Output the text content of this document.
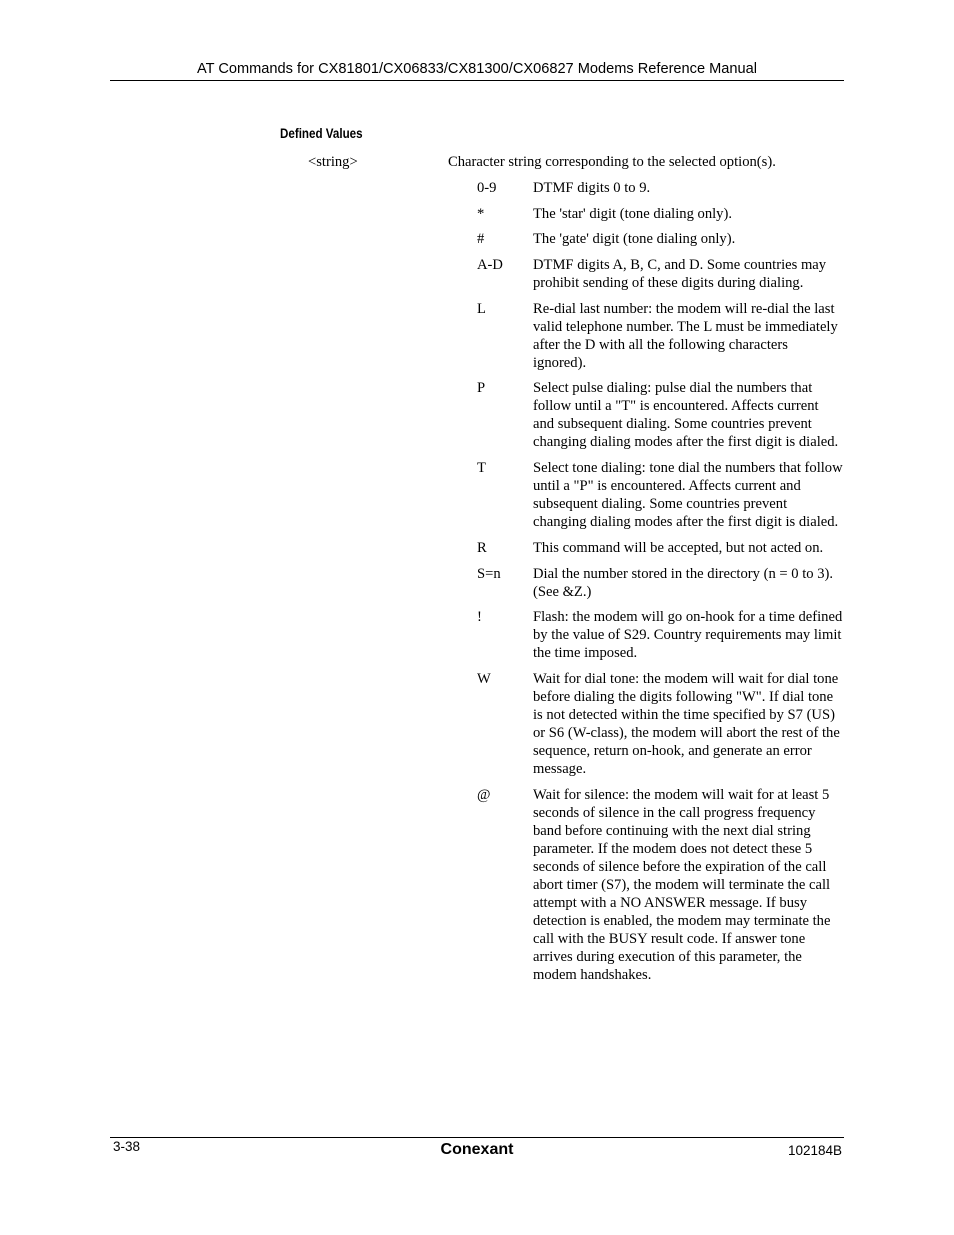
AT Commands for CX81801/CX06833/CX81300/CX06827 Modems Reference Manual
Defined Values
<string>	Character string corresponding to the selected option(s).
0-9	DTMF digits 0 to 9.
*	The 'star' digit (tone dialing only).
#	The 'gate' digit (tone dialing only).
A-D	DTMF digits A, B, C, and D. Some countries may prohibit sending of these digits during dialing.
L	Re-dial last number: the modem will re-dial the last valid telephone number. The L must be immediately after the D with all the following characters ignored).
P	Select pulse dialing: pulse dial the numbers that follow until a "T" is encountered. Affects current and subsequent dialing. Some countries prevent changing dialing modes after the first digit is dialed.
T	Select tone dialing: tone dial the numbers that follow until a "P" is encountered. Affects current and subsequent dialing. Some countries prevent changing dialing modes after the first digit is dialed.
R	This command will be accepted, but not acted on.
S=n	Dial the number stored in the directory (n = 0 to 3). (See &Z.)
!	Flash: the modem will go on-hook for a time defined by the value of S29. Country requirements may limit the time imposed.
W	Wait for dial tone: the modem will wait for dial tone before dialing the digits following "W". If dial tone is not detected within the time specified by S7 (US) or S6 (W-class), the modem will abort the rest of the sequence, return on-hook, and generate an error message.
@	Wait for silence: the modem will wait for at least 5 seconds of silence in the call progress frequency band before continuing with the next dial string parameter. If the modem does not detect these 5 seconds of silence before the expiration of the call abort timer (S7), the modem will terminate the call attempt with a NO ANSWER message. If busy detection is enabled, the modem may terminate the call with the BUSY result code. If answer tone arrives during execution of this parameter, the modem handshakes.
3-38	Conexant	102184B
